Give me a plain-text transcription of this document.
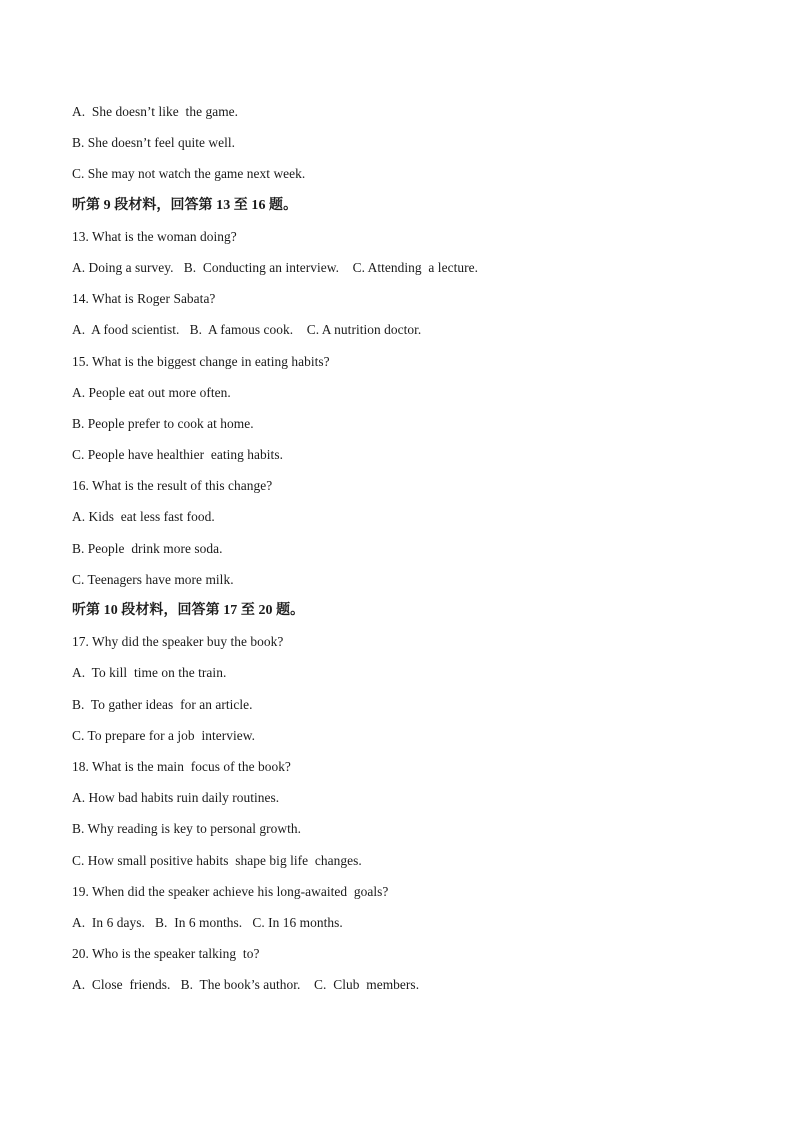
A.  She doesn’t like  the game.
B. She doesn’t feel quite well.
C. She may not watch the game next week.
听第 9 段材料，回答第 13 至 16 题。
13. What is the woman doing?
A. Doing a survey.   B.  Conducting an interview.    C. Attending  a lecture.
14. What is Roger Sabata?
A.  A food scientist.   B.  A famous cook.    C. A nutrition doctor.
15. What is the biggest change in eating habits?
A. People eat out more often.
B. People prefer to cook at home.
C. People have healthier  eating habits.
16. What is the result of this change?
A. Kids  eat less fast food.
B. People  drink more soda.
C. Teenagers have more milk.
听第 10 段材料，回答第 17 至 20 题。
17. Why did the speaker buy the book?
A.  To kill  time on the train.
B.  To gather ideas  for an article.
C. To prepare for a job  interview.
18. What is the main  focus of the book?
A. How bad habits ruin daily routines.
B. Why reading is key to personal growth.
C. How small positive habits  shape big life  changes.
19. When did the speaker achieve his long-awaited  goals?
A.  In 6 days.   B.  In 6 months.   C. In 16 months.
20. Who is the speaker talking  to?
A.  Close  friends.   B.  The book’s author.    C.  Club  members.
